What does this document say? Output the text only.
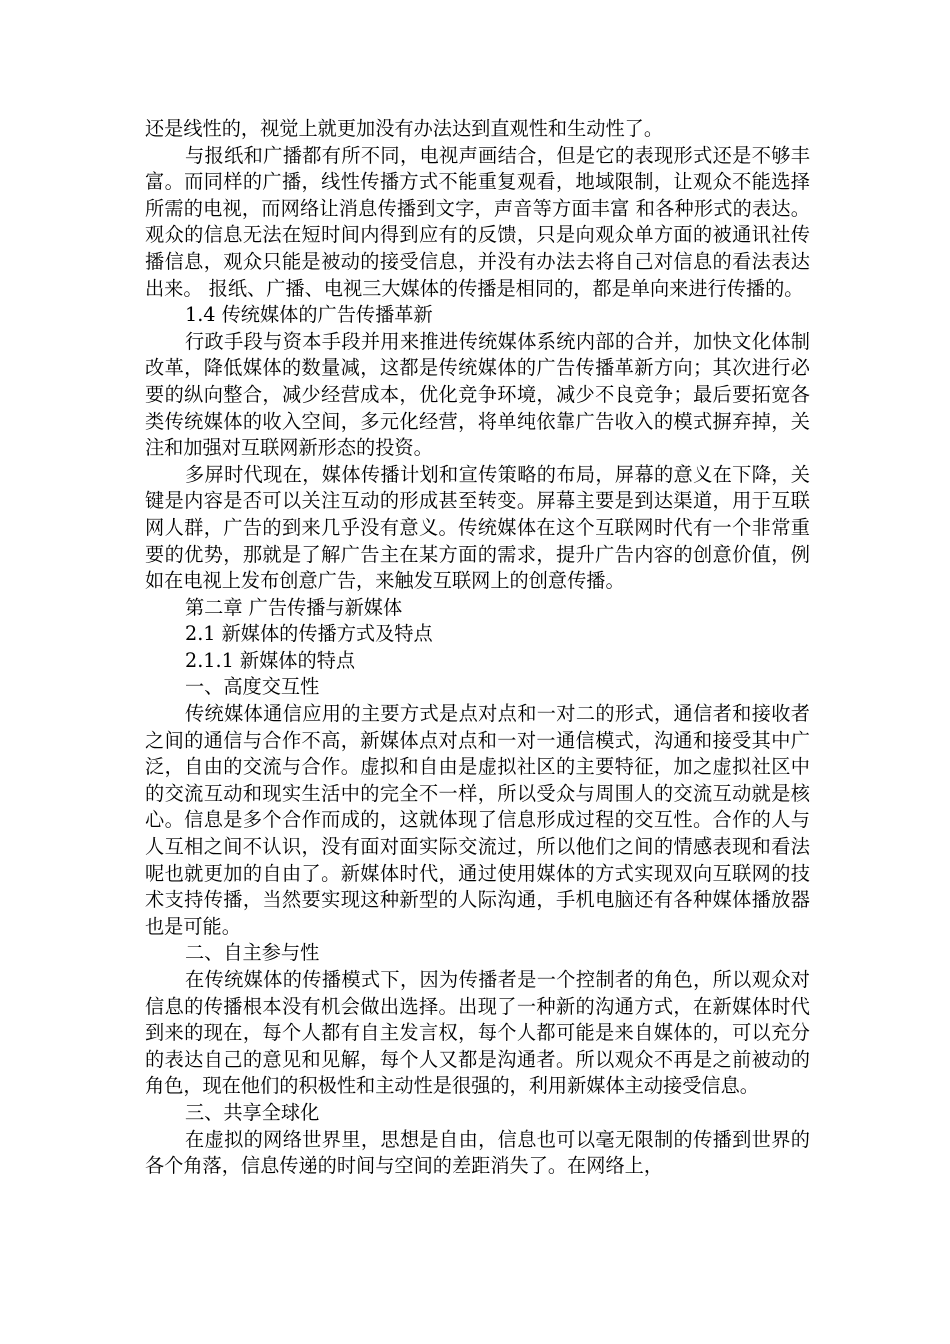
还是线性的，视觉上就更加没有办法达到直观性和生动性了。

与报纸和广播都有所不同，电视声画结合，但是它的表现形式还是不够丰富。而同样的广播，线性传播方式不能重复观看，地域限制，让观众不能选择所需的电视，而网络让消息传播到文字，声音等方面丰富 和各种形式的表达。观众的信息无法在短时间内得到应有的反馈，只是向观众单方面的被通讯社传播信息，观众只能是被动的接受信息，并没有办法去将自己对信息的看法表达出来。 报纸、广播、电视三大媒体的传播是相同的，都是单向来进行传播的。

1.4 传统媒体的广告传播革新

行政手段与资本手段并用来推进传统媒体系统内部的合并，加快文化体制改革，降低媒体的数量减，这都是传统媒体的广告传播革新方向；其次进行必要的纵向整合，减少经营成本，优化竞争环境，减少不良竞争；最后要拓宽各类传统媒体的收入空间，多元化经营，将单纯依靠广告收入的模式摒弃掉，关注和加强对互联网新形态的投资。

多屏时代现在，媒体传播计划和宣传策略的布局，屏幕的意义在下降，关键是内容是否可以关注互动的形成甚至转变。屏幕主要是到达渠道，用于互联网人群，广告的到来几乎没有意义。传统媒体在这个互联网时代有一个非常重要的优势，那就是了解广告主在某方面的需求，提升广告内容的创意价值，例如在电视上发布创意广告，来触发互联网上的创意传播。

第二章 广告传播与新媒体

2.1 新媒体的传播方式及特点

2.1.1 新媒体的特点

一、高度交互性

传统媒体通信应用的主要方式是点对点和一对二的形式，通信者和接收者之间的通信与合作不高，新媒体点对点和一对一通信模式，沟通和接受其中广泛，自由的交流与合作。虚拟和自由是虚拟社区的主要特征，加之虚拟社区中的交流互动和现实生活中的完全不一样，所以受众与周围人的交流互动就是核心。信息是多个合作而成的，这就体现了信息形成过程的交互性。合作的人与人互相之间不认识，没有面对面实际交流过，所以他们之间的情感表现和看法呢也就更加的自由了。新媒体时代，通过使用媒体的方式实现双向互联网的技术支持传播，当然要实现这种新型的人际沟通，手机电脑还有各种媒体播放器也是可能。

二、自主参与性

在传统媒体的传播模式下，因为传播者是一个控制者的角色，所以观众对信息的传播根本没有机会做出选择。出现了一种新的沟通方式，在新媒体时代到来的现在，每个人都有自主发言权，每个人都可能是来自媒体的，可以充分的表达自己的意见和见解，每个人又都是沟通者。所以观众不再是之前被动的角色，现在他们的积极性和主动性是很强的，利用新媒体主动接受信息。

三、共享全球化

在虚拟的网络世界里，思想是自由，信息也可以毫无限制的传播到世界的各个角落，信息传递的时间与空间的差距消失了。在网络上，
